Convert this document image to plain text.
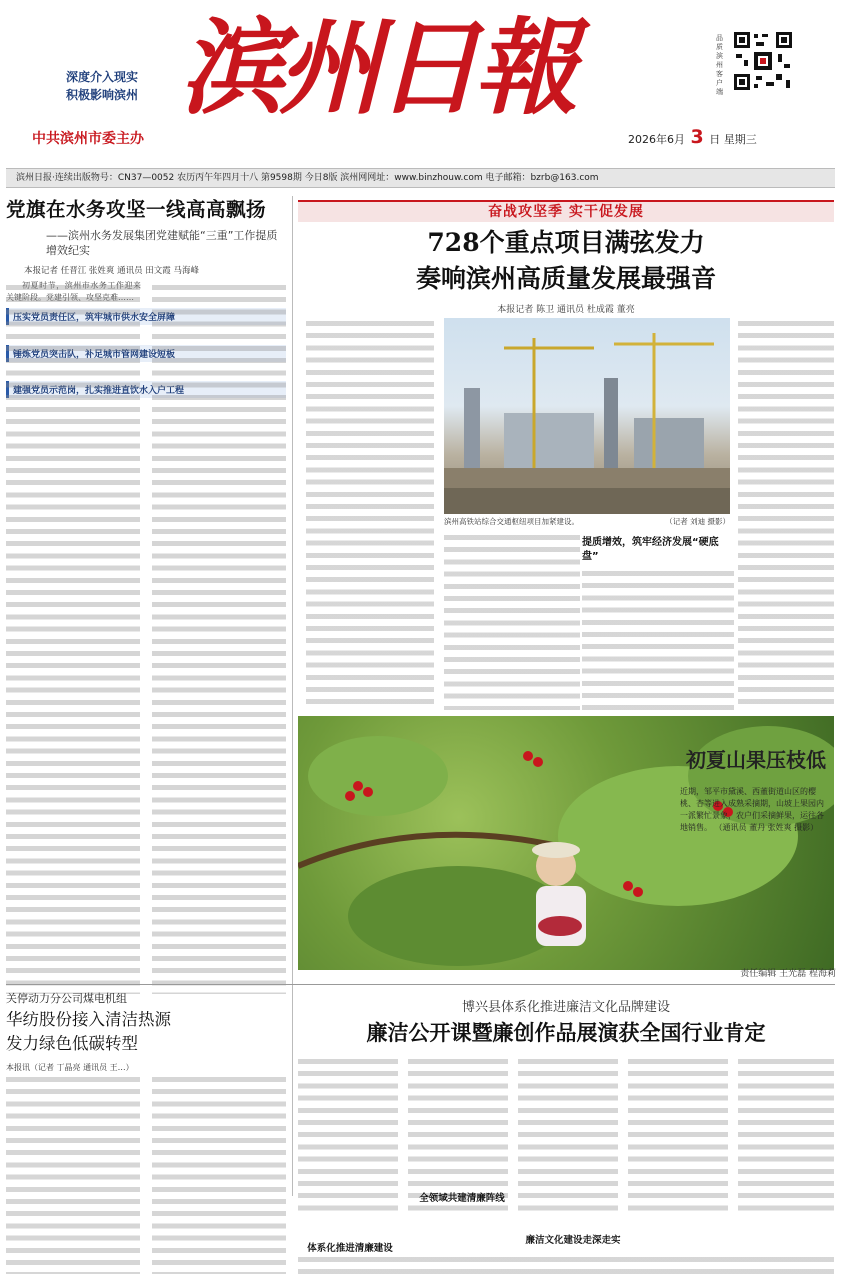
深度介入现实
积极影响滨州 滨州日報
中共滨州市委主办
品质滨州客户端
2026年6月 3 日 星期三
滨州日报·连续出版物号：CN37—0052 农历丙午年四月十八 第9598期 今日8版 滨州网网址：www.binzhouw.com 电子邮箱：bzrb@163.com
党旗在水务攻坚一线高高飘扬
——滨州水务发展集团党建赋能“三重”工作提质增效纪实
本报记者 任晋江 张姓爽 通讯员 田文霞 马海峰

初夏时节，滨州市水务工作迎来关键阶段。党建引领、攻坚克难……

压实党员责任区，筑牢城市供水安全屏障

锤炼党员突击队，补足城市管网建设短板

建强党员示范岗，扎实推进直饮水入户工程

奋战攻坚季 实干促发展
728个重点项目满弦发力
奏响滨州高质量发展最强音
本报记者 陈卫 通讯员 杜成霞 董亮
滨州高铁站综合交通枢纽项目加紧建设。	（记者 刘迪 摄影）
提质增效，筑牢经济发展“硬底盘”
初夏山果压枝低
近期，邹平市黛溪、西董街道山区的樱桃、杏等进入成熟采摘期，山坡上果园内一派繁忙景象，农户们采摘鲜果，运往各地销售。 （通讯员 董丹 张姓爽 摄影）
责任编辑 王光磊 程海莉
关停动力分公司煤电机组
华纺股份接入清洁热源
发力绿色低碳转型
本报讯（记者 丁晶亮 通讯员 王…）
博兴县体系化推进廉洁文化品牌建设
廉洁公开课暨廉创作品展演获全国行业肯定
全领域共建清廉阵线
体系化推进清廉建设
廉洁文化建设走深走实
